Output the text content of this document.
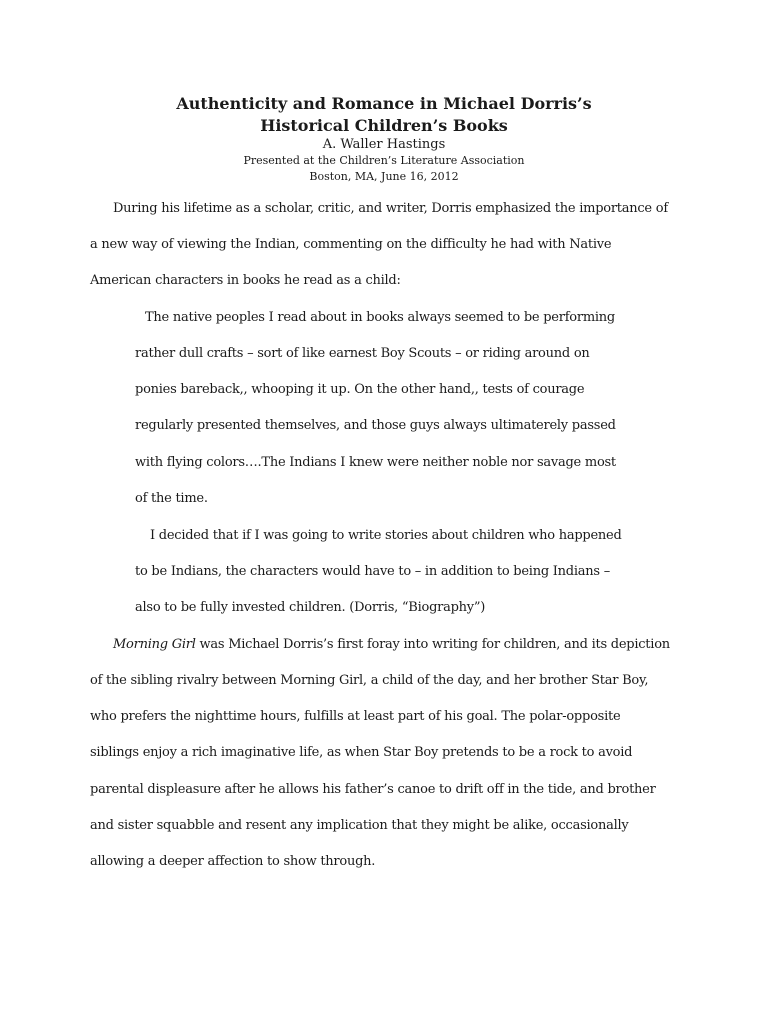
Authenticity and Romance in Michael Dorris’s
Historical Children’s Books
A. Waller Hastings
Presented at the Children’s Literature Association
Boston, MA, June 16, 2012
During his lifetime as a scholar, critic, and writer, Dorris emphasized the importance of
a new way of viewing the Indian, commenting on the difficulty he had with Native
American characters in books he read as a child:
The native peoples I read about in books always seemed to be performing
rather dull crafts – sort of like earnest Boy Scouts – or riding around on
ponies bareback,, whooping it up. On the other hand,, tests of courage
regularly presented themselves, and those guys always ultimaterely passed
with flying colors….The Indians I knew were neither noble nor savage most
of the time.
I decided that if I was going to write stories about children who happened
to be Indians, the characters would have to – in addition to being Indians –
also to be fully invested children. (Dorris, “Biography”)
Morning Girl was Michael Dorris’s first foray into writing for children, and its depiction
of the sibling rivalry between Morning Girl, a child of the day, and her brother Star Boy,
who prefers the nighttime hours, fulfills at least part of his goal. The polar-opposite
siblings enjoy a rich imaginative life, as when Star Boy pretends to be a rock to avoid
parental displeasure after he allows his father’s canoe to drift off in the tide, and brother
and sister squabble and resent any implication that they might be alike, occasionally
allowing a deeper affection to show through.
